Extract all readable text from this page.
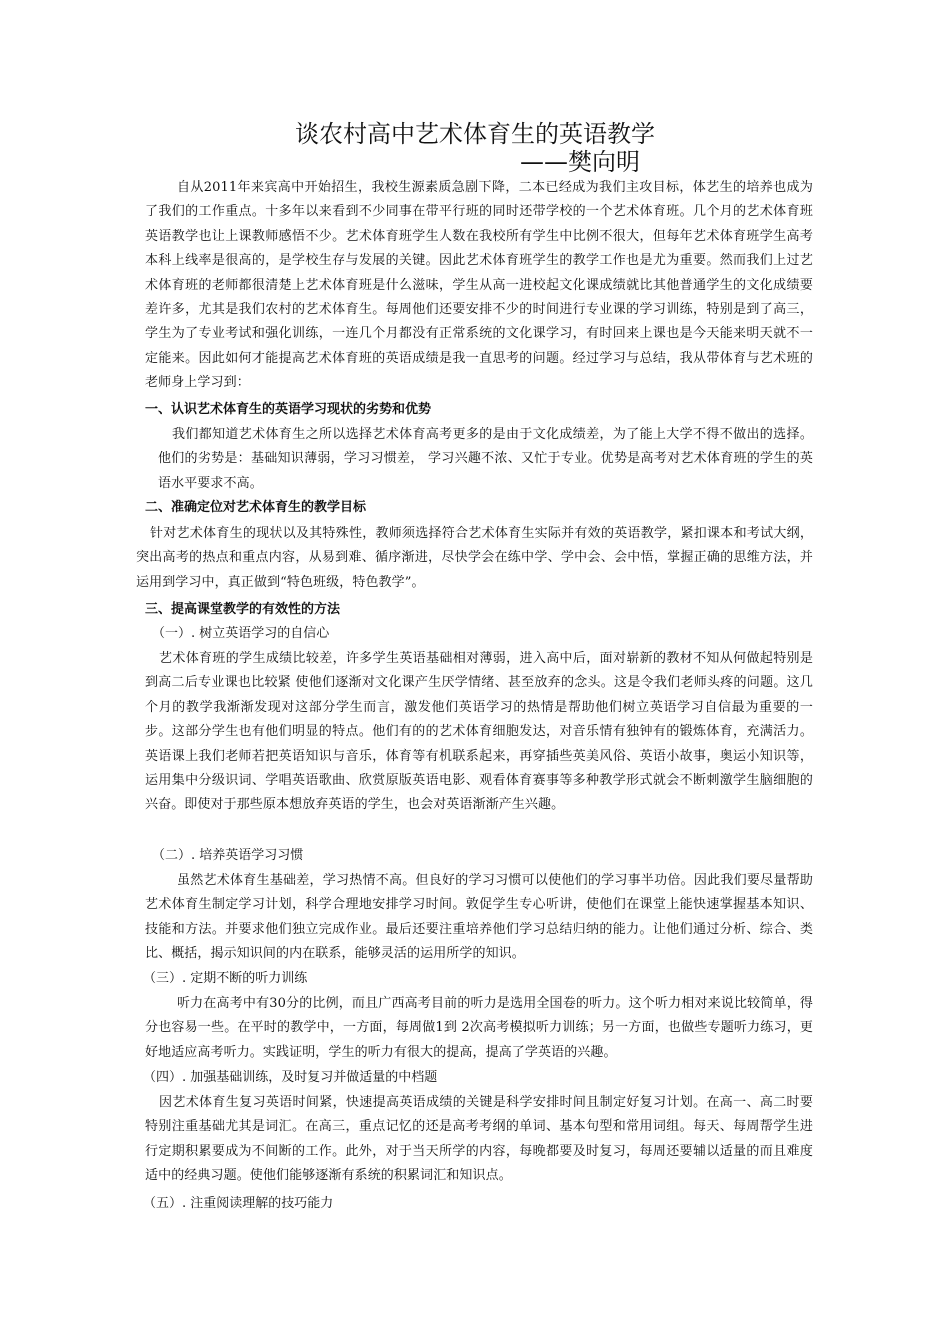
谈农村高中艺术体育生的英语教学
——樊向明
自从2011年来宾高中开始招生，我校生源素质急剧下降，二本已经成为我们主攻目标，体艺生的培养也成为了我们的工作重点。十多年以来看到不少同事在带平行班的同时还带学校的一个艺术体育班。几个月的艺术体育班英语教学也让上课教师感悟不少。艺术体育班学生人数在我校所有学生中比例不很大，但每年艺术体育班学生高考本科上线率是很高的，是学校生存与发展的关键。因此艺术体育班学生的教学工作也是尤为重要。然而我们上过艺术体育班的老师都很清楚上艺术体育班是什么滋味，学生从高一进校起文化课成绩就比其他普通学生的文化成绩要差许多，尤其是我们农村的艺术体育生。每周他们还要安排不少的时间进行专业课的学习训练，特别是到了高三，学生为了专业考试和强化训练，一连几个月都没有正常系统的文化课学习，有时回来上课也是今天能来明天就不一定能来。因此如何才能提高艺术体育班的英语成绩是我一直思考的问题。经过学习与总结，我从带体育与艺术班的老师身上学习到：
一、认识艺术体育生的英语学习现状的劣势和优势
我们都知道艺术体育生之所以选择艺术体育高考更多的是由于文化成绩差，为了能上大学不得不做出的选择。他们的劣势是：基础知识薄弱，学习习惯差， 学习兴趣不浓、又忙于专业。优势是高考对艺术体育班的学生的英语水平要求不高。
二、准确定位对艺术体育生的教学目标
针对艺术体育生的现状以及其特殊性，教师须选择符合艺术体育生实际并有效的英语教学，紧扣课本和考试大纲，突出高考的热点和重点内容，从易到难、循序渐进，尽快学会在练中学、学中会、会中悟，掌握正确的思维方法，并运用到学习中，真正做到“特色班级，特色教学”。
三、提高课堂教学的有效性的方法
（一）. 树立英语学习的自信心
艺术体育班的学生成绩比较差，许多学生英语基础相对薄弱，进入高中后，面对崭新的教材不知从何做起特别是到高二后专业课也比较紧 使他们逐渐对文化课产生厌学情绪、甚至放弃的念头。这是令我们老师头疼的问题。这几个月的教学我渐渐发现对这部分学生而言，激发他们英语学习的热情是帮助他们树立英语学习自信最为重要的一步。这部分学生也有他们明显的特点。他们有的的艺术体育细胞发达，对音乐情有独钟有的锻炼体育，充满活力。英语课上我们老师若把英语知识与音乐，体育等有机联系起来，再穿插些英美风俗、英语小故事，奥运小知识等，运用集中分级识词、学唱英语歌曲、欣赏原版英语电影、观看体育赛事等多种教学形式就会不断刺激学生脑细胞的兴奋。即使对于那些原本想放弃英语的学生，也会对英语渐渐产生兴趣。
（二）. 培养英语学习习惯
虽然艺术体育生基础差，学习热情不高。但良好的学习习惯可以使他们的学习事半功倍。因此我们要尽量帮助艺术体育生制定学习计划，科学合理地安排学习时间。敦促学生专心听讲，使他们在课堂上能快速掌握基本知识、技能和方法。并要求他们独立完成作业。最后还要注重培养他们学习总结归纳的能力。让他们通过分析、综合、类比、概括，揭示知识间的内在联系，能够灵活的运用所学的知识。
（三）. 定期不断的听力训练
听力在高考中有30分的比例，而且广西高考目前的听力是选用全国卷的听力。这个听力相对来说比较简单，得分也容易一些。在平时的教学中，一方面，每周做1到 2次高考模拟听力训练；另一方面，也做些专题听力练习，更好地适应高考听力。实践证明，学生的听力有很大的提高，提高了学英语的兴趣。
（四）. 加强基础训练，及时复习并做适量的中档题
因艺术体育生复习英语时间紧，快速提高英语成绩的关键是科学安排时间且制定好复习计划。在高一、高二时要特别注重基础尤其是词汇。在高三，重点记忆的还是高考考纲的单词、基本句型和常用词组。每天、每周帮学生进行定期积累要成为不间断的工作。此外，对于当天所学的内容，每晚都要及时复习，每周还要辅以适量的而且难度适中的经典习题。使他们能够逐渐有系统的积累词汇和知识点。
（五）. 注重阅读理解的技巧能力
